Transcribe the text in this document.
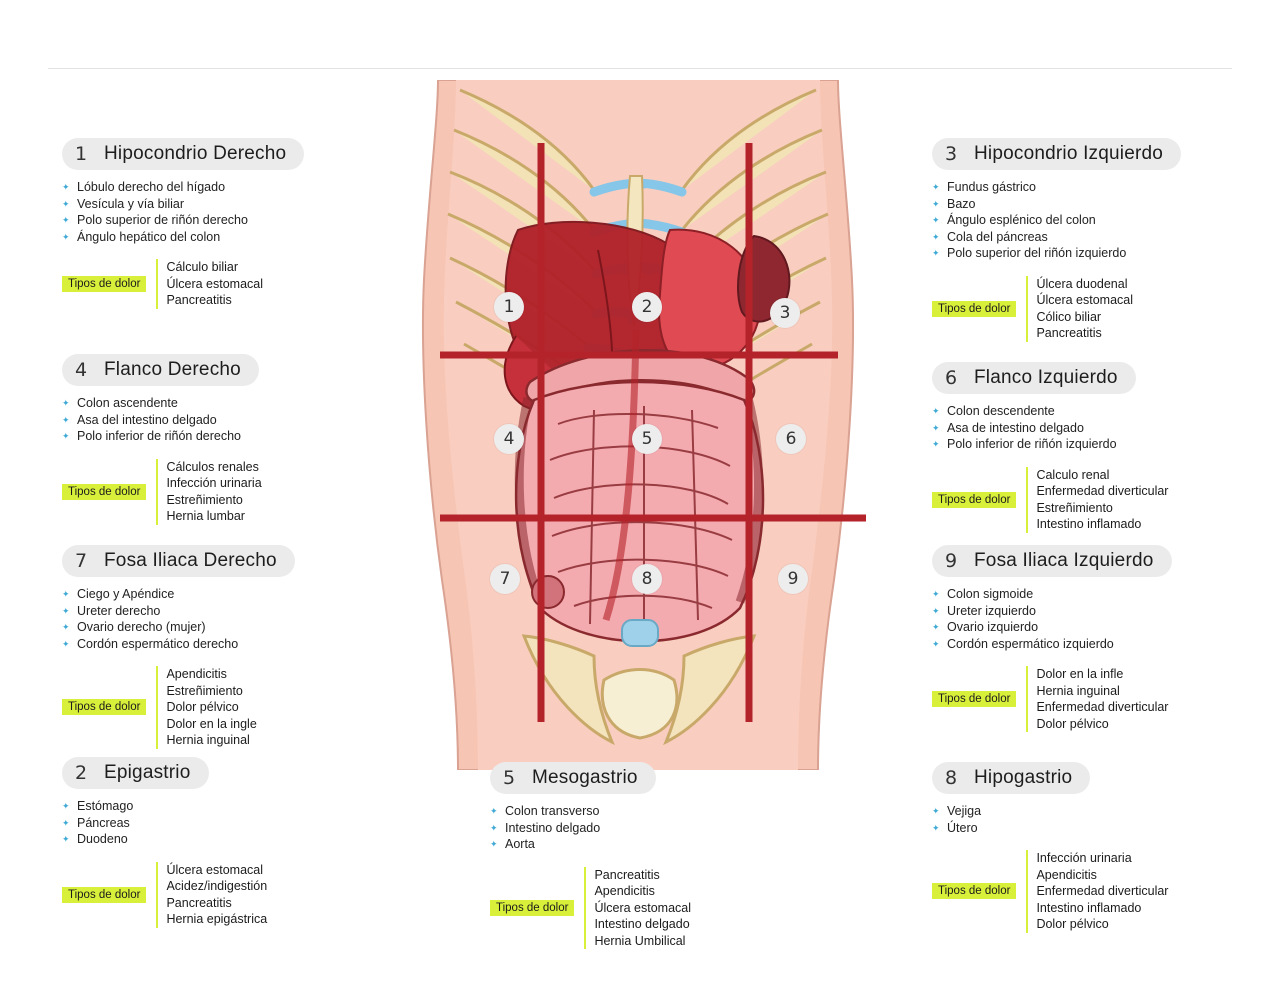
1	2	3
4	5	6
7	8	9
1 Hipocondrio Derecho
✦ Lóbulo derecho del hígado
✦ Vesícula y vía biliar
✦ Polo superior de riñón derecho
✦ Ángulo hepático del colon
Tipos de dolor
Cálculo biliar
Úlcera estomacal
Pancreatitis
4 Flanco Derecho
✦ Colon ascendente
✦ Asa del intestino delgado
✦ Polo inferior de riñón derecho
Tipos de dolor
Cálculos renales
Infección urinaria
Estreñimiento
Hernia lumbar
7 Fosa Iliaca Derecho
✦ Ciego y Apéndice
✦ Ureter derecho
✦ Ovario derecho (mujer)
✦ Cordón espermático derecho
Tipos de dolor
Apendicitis
Estreñimiento
Dolor pélvico
Dolor en la ingle
Hernia inguinal
2 Epigastrio
✦ Estómago
✦ Páncreas
✦ Duodeno
Tipos de dolor
Úlcera estomacal
Acidez/indigestión
Pancreatitis
Hernia epigástrica
3 Hipocondrio Izquierdo
✦ Fundus gástrico
✦ Bazo
✦ Ángulo esplénico del colon
✦ Cola del páncreas
✦ Polo superior del riñón izquierdo
Tipos de dolor
Úlcera duodenal
Úlcera estomacal
Cólico biliar
Pancreatitis
6 Flanco Izquierdo
✦ Colon descendente
✦ Asa de intestino delgado
✦ Polo inferior de riñón izquierdo
Tipos de dolor
Calculo renal
Enfermedad diverticular
Estreñimiento
Intestino inflamado
9 Fosa Iliaca Izquierdo
✦ Colon sigmoide
✦ Ureter izquierdo
✦ Ovario izquierdo
✦ Cordón espermático izquierdo
Tipos de dolor
Dolor en la infle
Hernia inguinal
Enfermedad diverticular
Dolor pélvico
8 Hipogastrio
✦ Vejiga
✦ Útero
Tipos de dolor
Infección urinaria
Apendicitis
Enfermedad diverticular
Intestino inflamado
Dolor pélvico
5 Mesogastrio
✦ Colon transverso
✦ Intestino delgado
✦ Aorta
Tipos de dolor
Pancreatitis
Apendicitis
Úlcera estomacal
Intestino delgado
Hernia Umbilical
